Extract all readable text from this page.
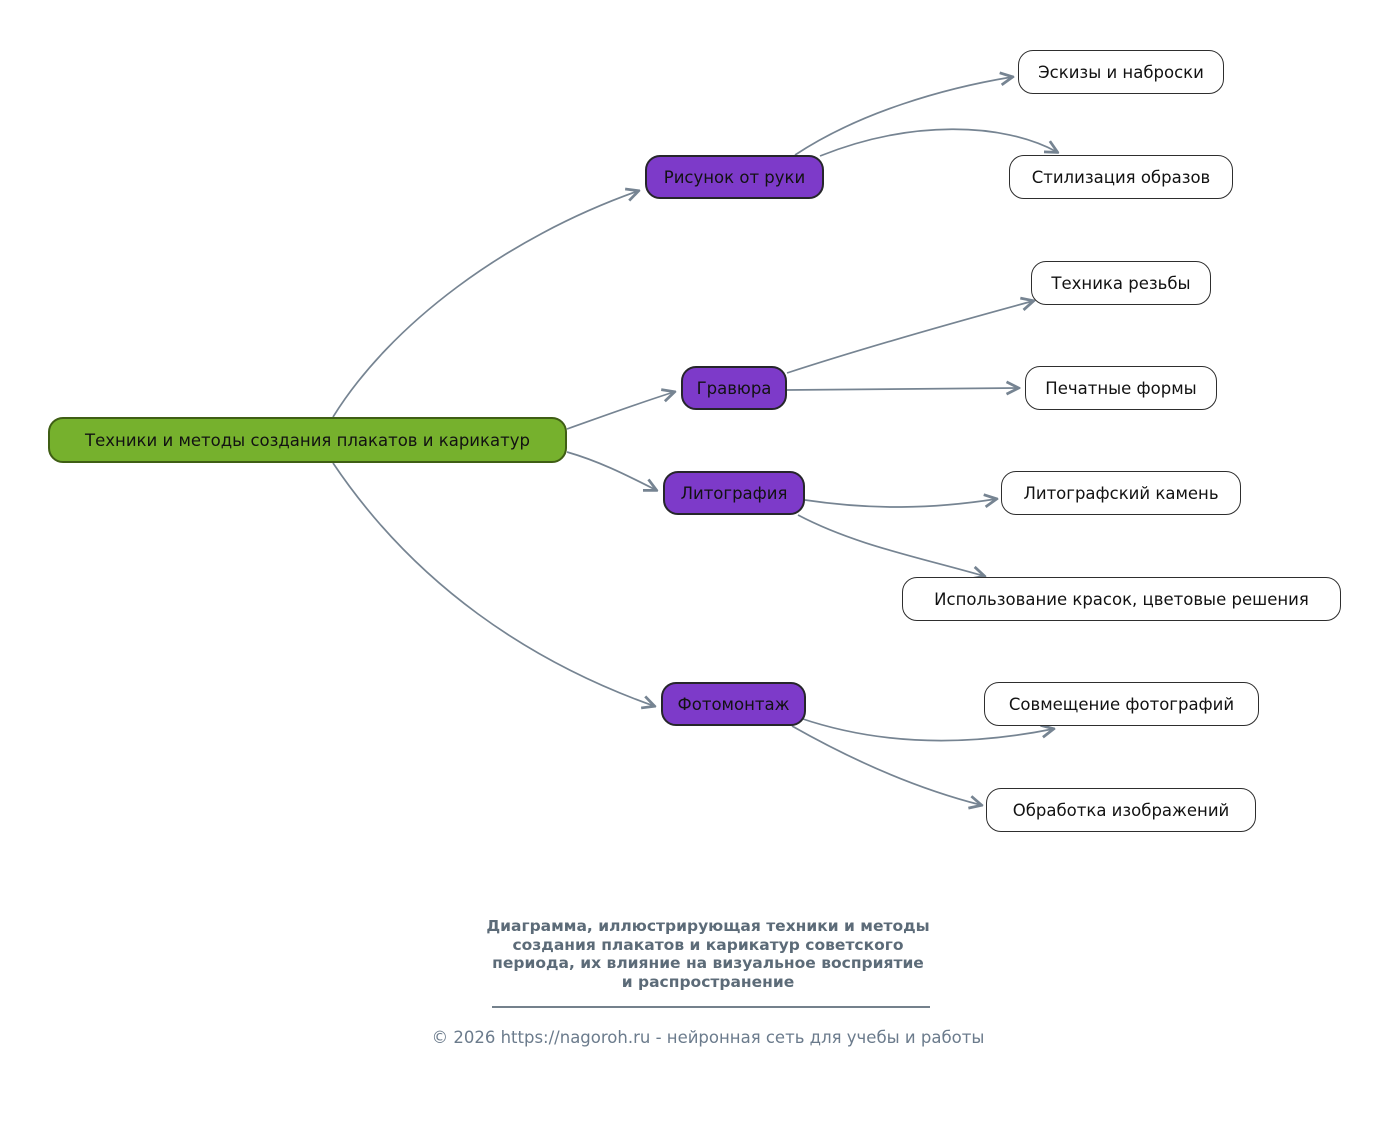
Техники и методы создания плакатов и карикатур
Рисунок от руки
Гравюра
Литография
Фотомонтаж
Эскизы и наброски
Стилизация образов
Техника резьбы
Печатные формы
Литографский камень
Использование красок, цветовые решения
Совмещение фотографий
Обработка изображений
Диаграмма, иллюстрирующая техники и методы
создания плакатов и карикатур советского
периода, их влияние на визуальное восприятие
и распространение
© 2026 https://nagoroh.ru - нейронная сеть для учебы и работы
